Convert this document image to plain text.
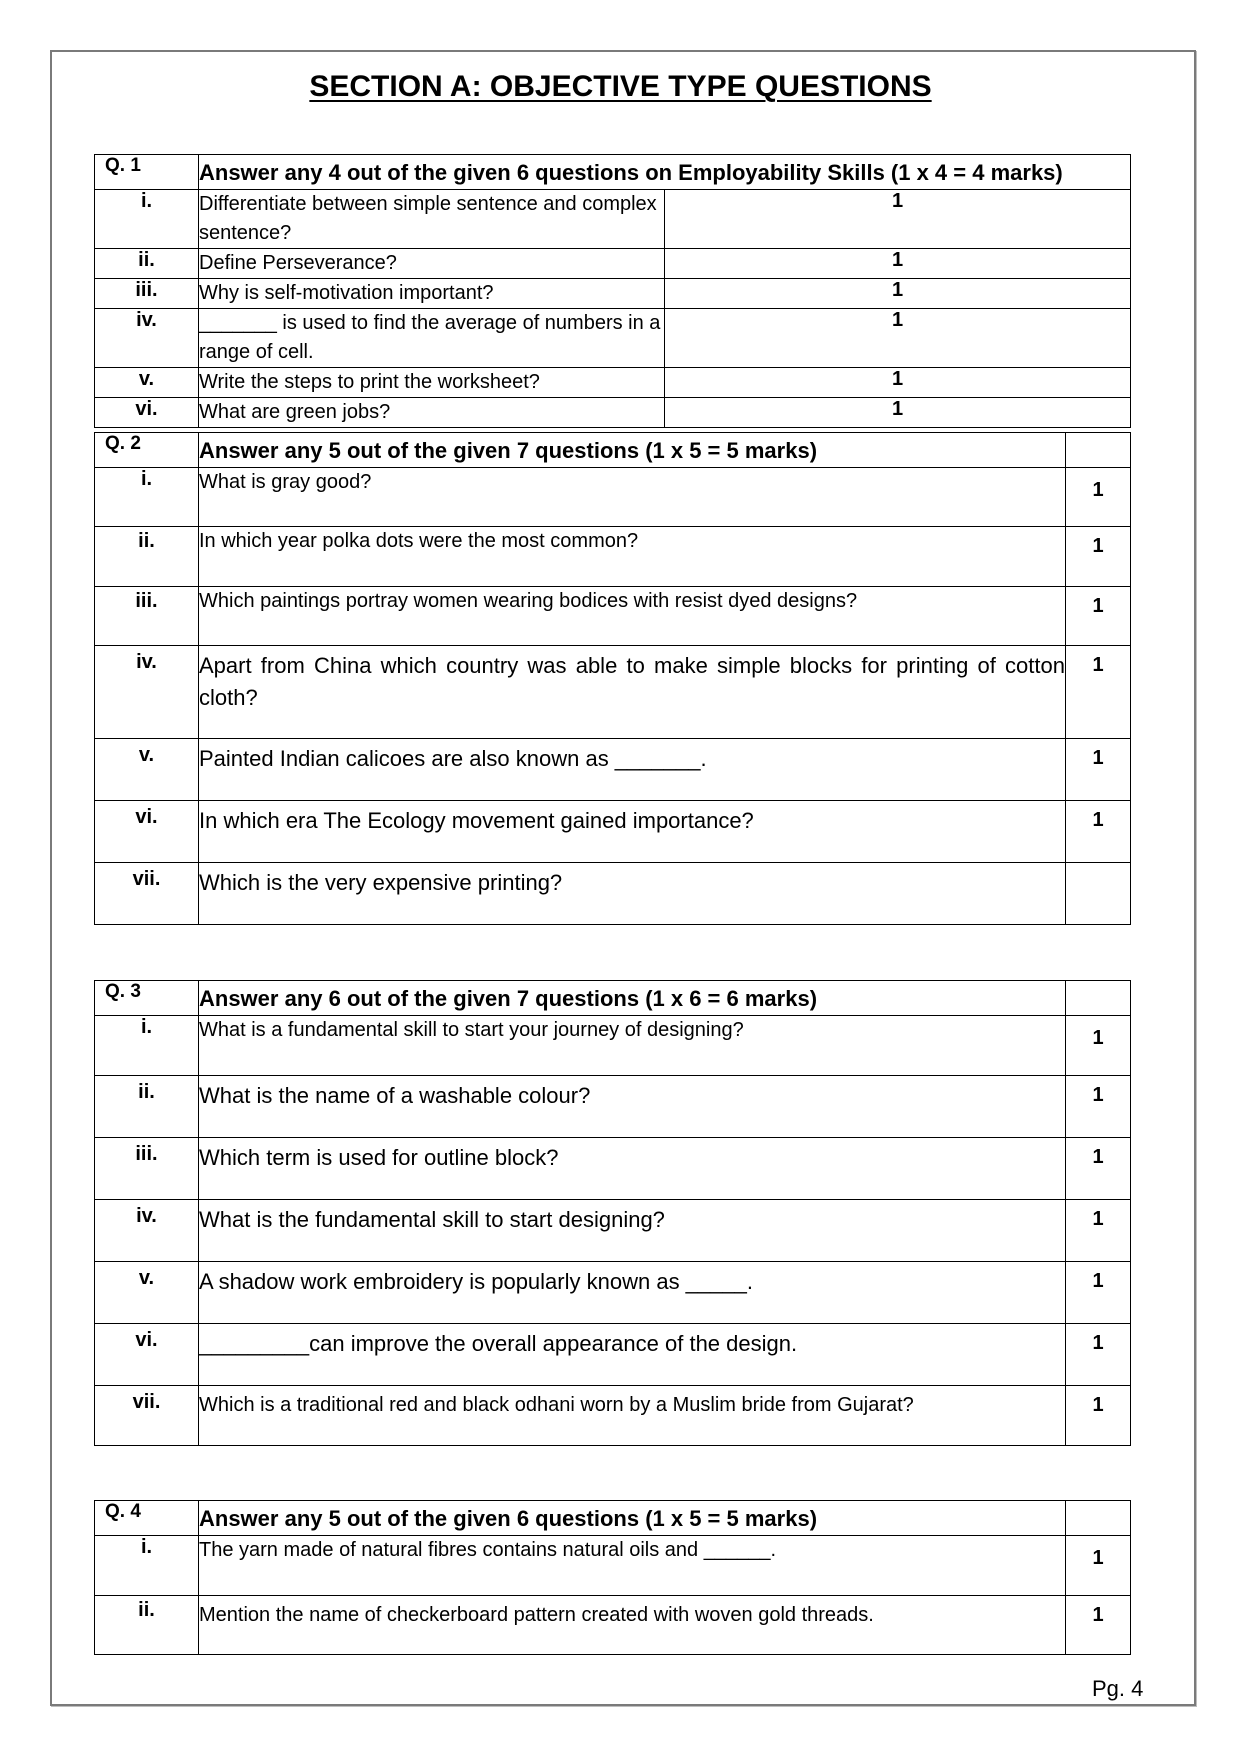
SECTION A: OBJECTIVE TYPE QUESTIONS
Q. 1	Answer any 4 out of the given 6 questions on Employability Skills (1 x 4 = 4 marks)	
i.	Differentiate between simple sentence and complex sentence?	1
ii.	Define Perseverance?	1
iii.	Why is self-motivation important?	1
iv.	_______ is used to find the average of numbers in a range of cell.	1
v.	Write the steps to print the worksheet?	1
vi.	What are green jobs?	1
Q. 2	Answer any 5 out of the given 7 questions (1 x 5 = 5 marks)	
i.	What is gray good?	1
ii.	In which year polka dots were the most common?	1
iii.	Which paintings portray women wearing bodices with resist dyed designs?	1
iv.	Apart from China which country was able to make simple blocks for printing of cotton cloth?	1
v.	Painted Indian calicoes are also known as _______.	1
vi.	In which era The Ecology movement gained importance?	1
vii.	Which is the very expensive printing?	
Q. 3	Answer any 6 out of the given 7 questions (1 x 6 = 6 marks)	
i.	What is a fundamental skill to start your journey of designing?	1
ii.	What is the name of a washable colour?	1
iii.	Which term is used for outline block?	1
iv.	What is the fundamental skill to start designing?	1
v.	A shadow work embroidery is popularly known as _____.	1
vi.	_________can improve the overall appearance of the design.	1
vii.	Which is a traditional red and black odhani worn by a Muslim bride from Gujarat?	1
Q. 4	Answer any 5 out of the given 6 questions (1 x 5 = 5 marks)	
i.	The yarn made of natural fibres contains natural oils and ______.	1
ii.	Mention the name of checkerboard pattern created with woven gold threads.	1
Pg. 4
